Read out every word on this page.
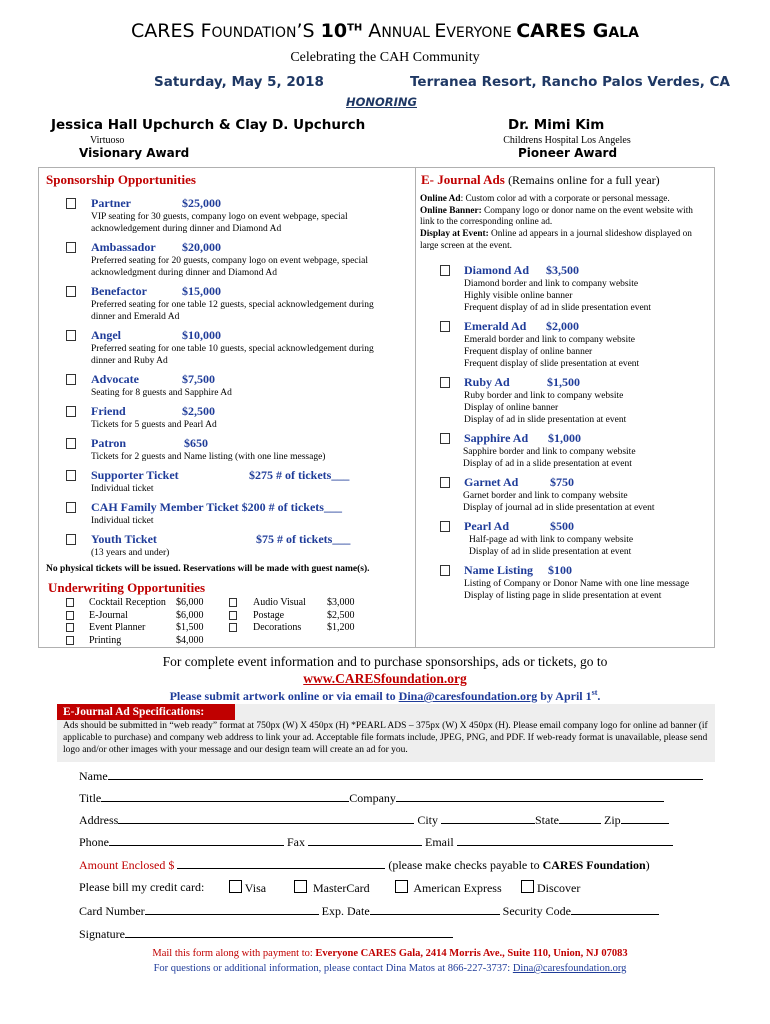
CARES FOUNDATION’S 10TH ANNUAL EVERYONE CARES GALA
Celebrating the CAH Community
Saturday, May 5, 2018	Terranea Resort, Rancho Palos Verdes, CA
HONORING
Jessica Hall Upchurch & Clay D. Upchurch
Virtuoso
Visionary Award
Dr. Mimi Kim
Childrens Hospital Los Angeles
Pioneer Award
Sponsorship Opportunities
Partner	$25,000
VIP seating for 30 guests, company logo on event webpage, special acknowledgement during dinner and Diamond Ad
Ambassador $20,000
Preferred seating for 20 guests, company logo on event webpage, special acknowledgment during dinner and Diamond Ad
Benefactor	$15,000
Preferred seating for one table 12 guests, special acknowledgement during dinner and Emerald Ad
Angel	$10,000
Preferred seating for one table 10 guests, special acknowledgement during dinner and Ruby Ad
Advocate	$7,500
Seating for 8 guests and Sapphire Ad
Friend	$2,500
Tickets for 5 guests and Pearl Ad
Patron	$650
Tickets for 2 guests and Name listing (with one line message)
Supporter Ticket	$275 # of tickets___
Individual ticket
CAH Family Member Ticket $200 # of tickets___
Individual ticket
Youth Ticket	$75 # of tickets___
(13 years and under)
No physical tickets will be issued. Reservations will be made with guest name(s).
Underwriting Opportunities
Cocktail Reception $6,000
E-Journal	$6,000
Event Planner	$1,500
Printing	$4,000
Audio Visual $3,000
Postage	$2,500
Decorations	$1,200
E- Journal Ads (Remains online for a full year)
Online Ad: Custom color ad with a corporate or personal message.
Online Banner: Company logo or donor name on the event website with link to the corresponding online ad.
Display at Event: Online ad appears in a journal slideshow displayed on large screen at the event.
Diamond Ad $3,500
Diamond border and link to company website
Highly visible online banner
Frequent display of ad in slide presentation event
Emerald Ad $2,000
Emerald border and link to company website
Frequent display of online banner
Frequent display of slide presentation at event
Ruby Ad	$1,500
Ruby border and link to company website
Display of online banner
Display of ad in slide presentation at event
Sapphire Ad $1,000
Sapphire border and link to company website
Display of ad in a slide presentation at event
Garnet Ad	$750
Garnet border and link to company website
Display of journal ad in slide presentation at event
Pearl Ad	$500
Half-page ad with link to company website
Display of ad in slide presentation at event
Name Listing $100
Listing of Company or Donor Name with one line message
Display of listing page in slide presentation at event
For complete event information and to purchase sponsorships, ads or tickets, go to
www.CARESfoundation.org
Please submit artwork online or via email to Dina@caresfoundation.org by April 1st.
E-Journal Ad Specifications:
Ads should be submitted in “web ready” format at 750px (W) X 450px (H) *PEARL ADS – 375px (W) X 450px (H). Please email company logo for online ad banner (if applicable to purchase) and company web address to link your ad. Acceptable file formats include, JPEG, PNG, and PDF. If web-ready format is unavailable, please send logo and/or other images with your message and our design team will create an ad for you.
Name
Title	Company
Address	City	State	Zip
Phone	Fax	Email
Amount Enclosed $	(please make checks payable to CARES Foundation)
Please bill my credit card:	Visa	MasterCard	American Express	Discover
Card Number	Exp. Date	Security Code
Signature
Mail this form along with payment to: Everyone CARES Gala, 2414 Morris Ave., Suite 110, Union, NJ 07083
For questions or additional information, please contact Dina Matos at 866-227-3737: Dina@caresfoundation.org
